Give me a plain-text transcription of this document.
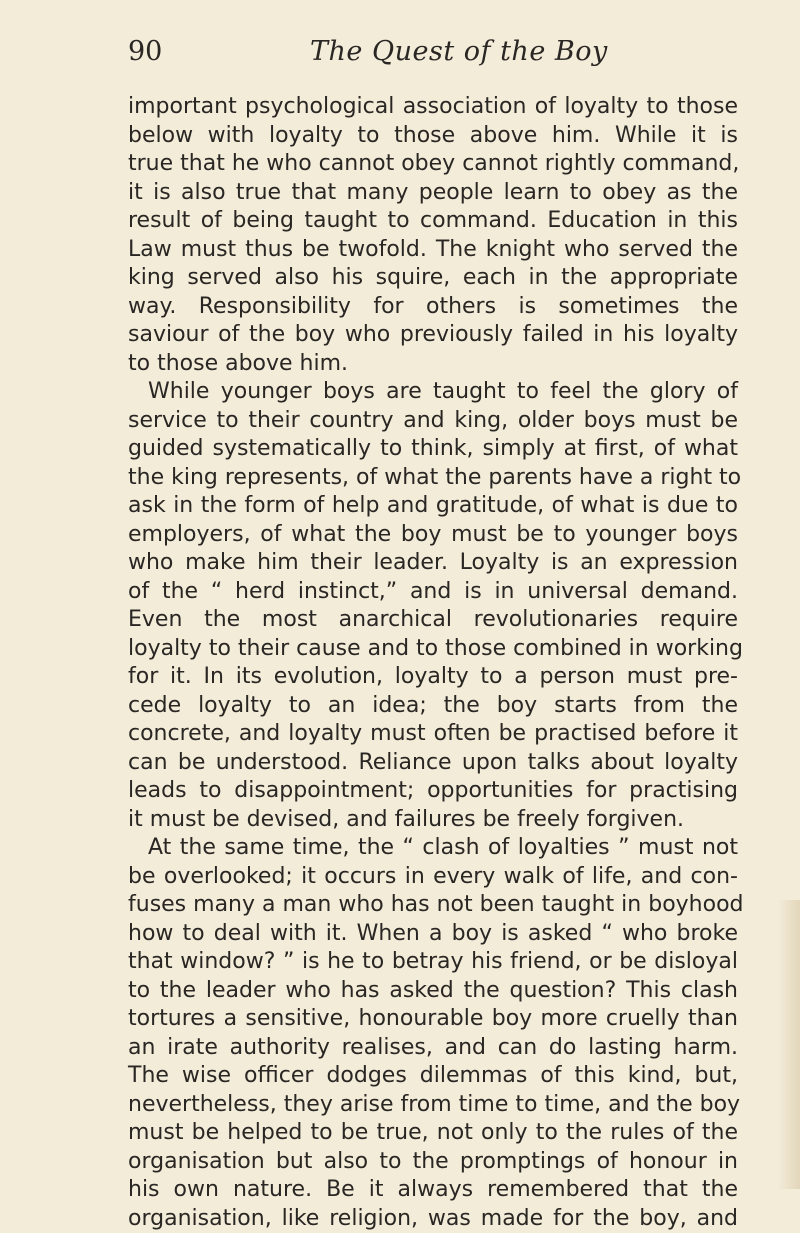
90	The Quest of the Boy
important psychological association of loyalty to those
below with loyalty to those above him. While it is
true that he who cannot obey cannot rightly command,
it is also true that many people learn to obey as the
result of being taught to command. Education in this
Law must thus be twofold. The knight who served the
king served also his squire, each in the appropriate
way. Responsibility for others is sometimes the
saviour of the boy who previously failed in his loyalty
to those above him.
While younger boys are taught to feel the glory of
service to their country and king, older boys must be
guided systematically to think, simply at first, of what
the king represents, of what the parents have a right to
ask in the form of help and gratitude, of what is due to
employers, of what the boy must be to younger boys
who make him their leader. Loyalty is an expression
of the “ herd instinct,” and is in universal demand.
Even the most anarchical revolutionaries require
loyalty to their cause and to those combined in working
for it. In its evolution, loyalty to a person must pre-
cede loyalty to an idea; the boy starts from the
concrete, and loyalty must often be practised before it
can be understood. Reliance upon talks about loyalty
leads to disappointment; opportunities for practising
it must be devised, and failures be freely forgiven.
At the same time, the “ clash of loyalties ” must not
be overlooked; it occurs in every walk of life, and con-
fuses many a man who has not been taught in boyhood
how to deal with it. When a boy is asked “ who broke
that window? ” is he to betray his friend, or be disloyal
to the leader who has asked the question? This clash
tortures a sensitive, honourable boy more cruelly than
an irate authority realises, and can do lasting harm.
The wise officer dodges dilemmas of this kind, but,
nevertheless, they arise from time to time, and the boy
must be helped to be true, not only to the rules of the
organisation but also to the promptings of honour in
his own nature. Be it always remembered that the
organisation, like religion, was made for the boy, and
